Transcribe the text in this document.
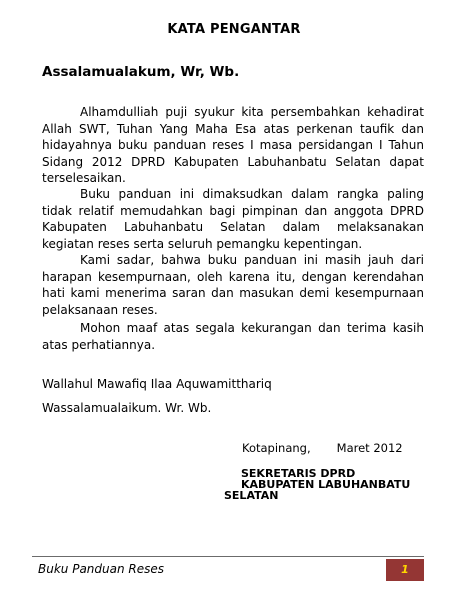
KATA PENGANTAR
Assalamualakum, Wr, Wb.

Alhamdulliah puji syukur kita persembahkan kehadirat Allah SWT, Tuhan Yang Maha Esa atas perkenan taufik dan hidayahnya buku panduan reses I masa persidangan I Tahun Sidang 2012 DPRD Kabupaten Labuhanbatu Selatan dapat terselesaikan.

Buku panduan ini dimaksudkan dalam rangka paling tidak relatif memudahkan bagi pimpinan dan anggota DPRD Kabupaten Labuhanbatu Selatan dalam melaksanakan kegiatan reses serta seluruh pemangku kepentingan.

Kami sadar, bahwa buku panduan ini masih jauh dari harapan kesempurnaan, oleh karena itu, dengan kerendahan hati kami menerima saran dan masukan demi kesempurnaan pelaksanaan reses.

Mohon maaf atas segala kekurangan dan terima kasih atas perhatiannya.

Wallahul Mawafiq Ilaa Aquwamitthariq
Wassalamualaikum. Wr. Wb.
Kotapinang, Maret 2012
SEKRETARIS DPRD
KABUPATEN LABUHANBATU
SELATAN
Buku Panduan Reses	1
